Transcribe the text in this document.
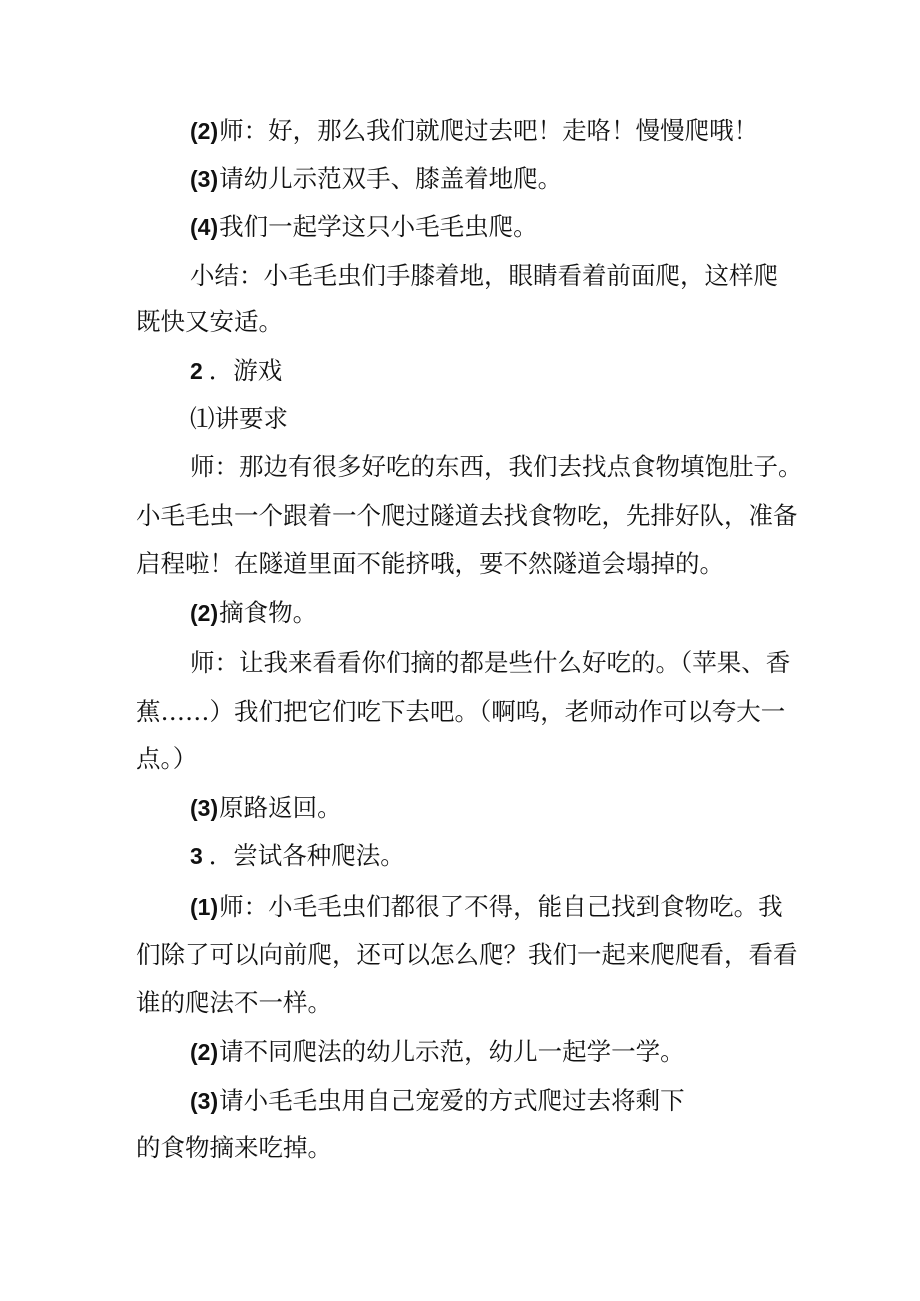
(2)师：好，那么我们就爬过去吧！走咯！慢慢爬哦！
(3)请幼儿示范双手、膝盖着地爬。
(4)我们一起学这只小毛毛虫爬。
小结：小毛毛虫们手膝着地，眼睛看着前面爬，这样爬
既快又安适。
2 ．游戏
⑴讲要求
师：那边有很多好吃的东西，我们去找点食物填饱肚子。
小毛毛虫一个跟着一个爬过隧道去找食物吃，先排好队，准备
启程啦！在隧道里面不能挤哦，要不然隧道会塌掉的。
(2)摘食物。
师：让我来看看你们摘的都是些什么好吃的。（苹果、香
蕉……）我们把它们吃下去吧。（啊呜，老师动作可以夸大一
点。）
(3)原路返回。
3 ．尝试各种爬法。
(1)师：小毛毛虫们都很了不得，能自己找到食物吃。我
们除了可以向前爬，还可以怎么爬？我们一起来爬爬看，看看
谁的爬法不一样。
(2)请不同爬法的幼儿示范，幼儿一起学一学。
(3)请小毛毛虫用自己宠爱的方式爬过去将剩下
的食物摘来吃掉。
